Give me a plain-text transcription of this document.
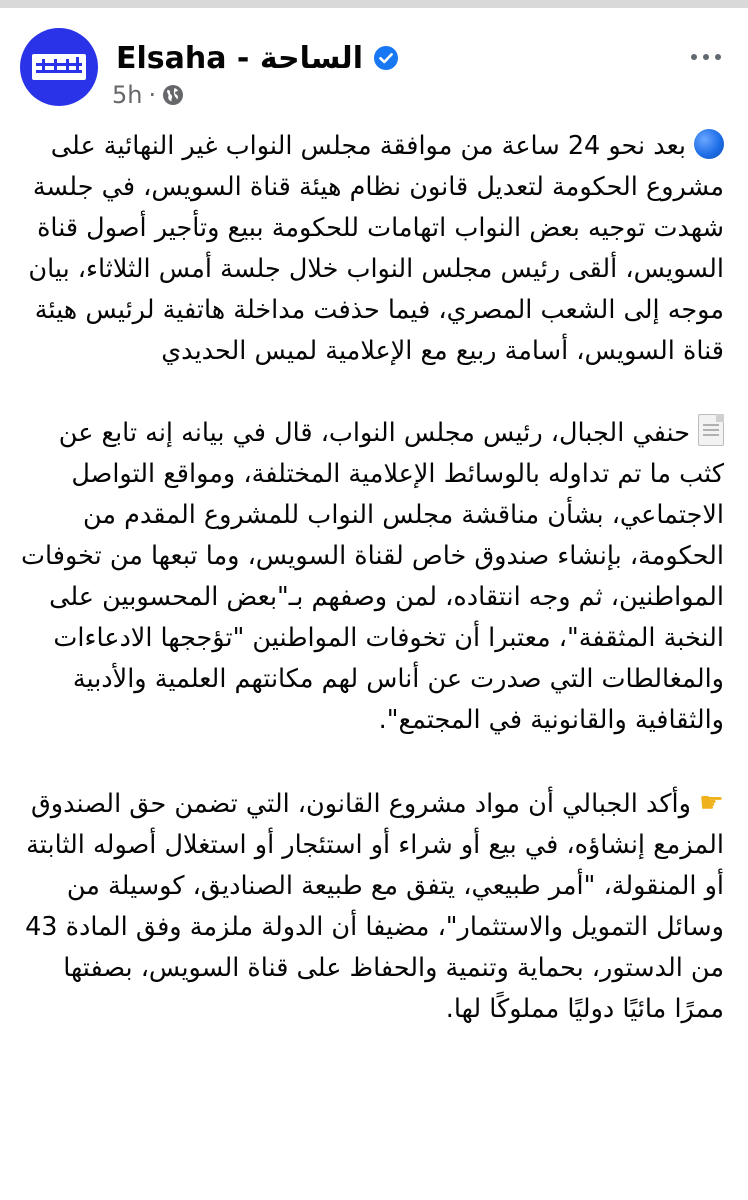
Elsaha - الساحة
5h ·

بعد نحو 24 ساعة من موافقة مجلس النواب غير النهائية على مشروع الحكومة لتعديل قانون نظام هيئة قناة السويس، في جلسة شهدت توجيه بعض النواب اتهامات للحكومة ببيع وتأجير أصول قناة السويس، ألقى رئيس مجلس النواب خلال جلسة أمس الثلاثاء، بيان موجه إلى الشعب المصري، فيما حذفت مداخلة هاتفية لرئيس هيئة قناة السويس، أسامة ربيع مع الإعلامية لميس الحديدي

حنفي الجبال، رئيس مجلس النواب، قال في بيانه إنه تابع عن كثب ما تم تداوله بالوسائط الإعلامية المختلفة، ومواقع التواصل الاجتماعي، بشأن مناقشة مجلس النواب للمشروع المقدم من الحكومة، بإنشاء صندوق خاص لقناة السويس، وما تبعها من تخوفات المواطنين، ثم وجه انتقاده، لمن وصفهم بـ"بعض المحسوبين على النخبة المثقفة"، معتبرا أن تخوفات المواطنين "تؤججها الادعاءات والمغالطات التي صدرت عن أناس لهم مكانتهم العلمية والأدبية والثقافية والقانونية في المجتمع".

☛وأكد الجبالي أن مواد مشروع القانون، التي تضمن حق الصندوق المزمع إنشاؤه، في بيع أو شراء أو استئجار أو استغلال أصوله الثابتة أو المنقولة، "أمر طبيعي، يتفق مع طبيعة الصناديق، كوسيلة من وسائل التمويل والاستثمار"، مضيفا أن الدولة ملزمة وفق المادة 43 من الدستور، بحماية وتنمية والحفاظ على قناة السويس، بصفتها ممرًا مائيًا دوليًا مملوكًا لها.
